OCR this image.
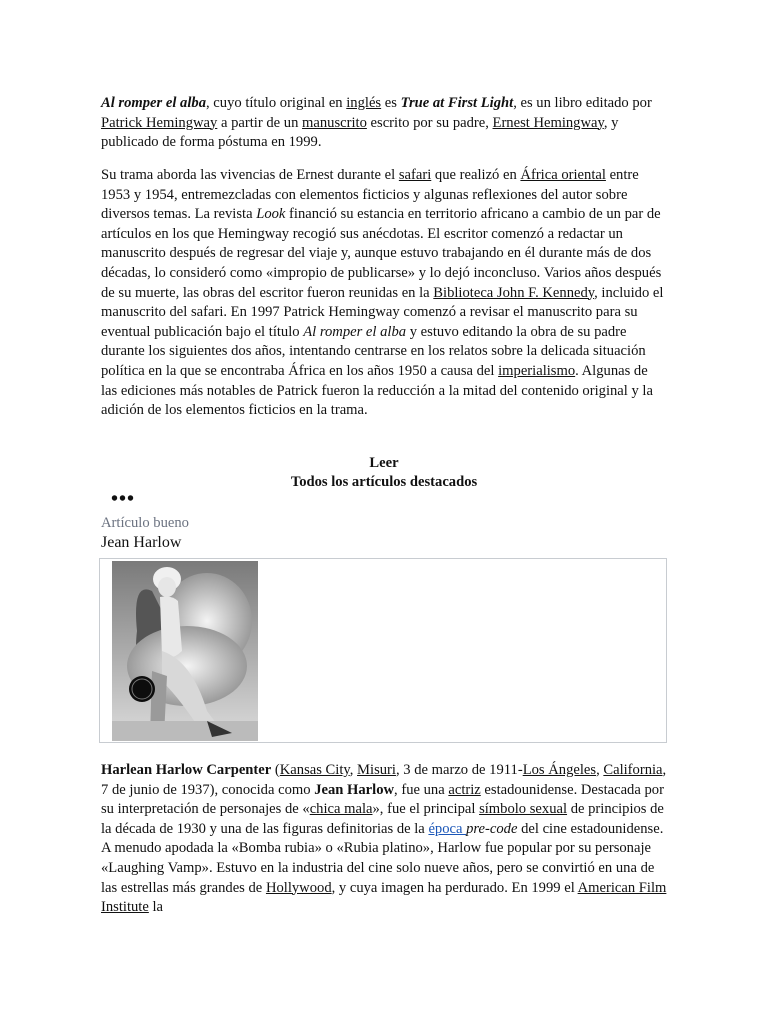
Al romper el alba, cuyo título original en inglés es True at First Light, es un libro editado por Patrick Hemingway a partir de un manuscrito escrito por su padre, Ernest Hemingway, y publicado de forma póstuma en 1999.

Su trama aborda las vivencias de Ernest durante el safari que realizó en África oriental entre 1953 y 1954, entremezcladas con elementos ficticios y algunas reflexiones del autor sobre diversos temas. La revista Look financió su estancia en territorio africano a cambio de un par de artículos en los que Hemingway recogió sus anécdotas. El escritor comenzó a redactar un manuscrito después de regresar del viaje y, aunque estuvo trabajando en él durante más de dos décadas, lo consideró como «impropio de publicarse» y lo dejó inconcluso. Varios años después de su muerte, las obras del escritor fueron reunidas en la Biblioteca John F. Kennedy, incluido el manuscrito del safari. En 1997 Patrick Hemingway comenzó a revisar el manuscrito para su eventual publicación bajo el título Al romper el alba y estuvo editando la obra de su padre durante los siguientes dos años, intentando centrarse en los relatos sobre la delicada situación política en la que se encontraba África en los años 1950 a causa del imperialismo. Algunas de las ediciones más notables de Patrick fueron la reducción a la mitad del contenido original y la adición de los elementos ficticios en la trama.

Leer
Todos los artículos destacados
•••
Artículo bueno
Jean Harlow

Harlean Harlow Carpenter (Kansas City, Misuri, 3 de marzo de 1911-Los Ángeles, California, 7 de junio de 1937), conocida como Jean Harlow, fue una actriz estadounidense. Destacada por su interpretación de personajes de «chica mala», fue el principal símbolo sexual de principios de la década de 1930 y una de las figuras definitorias de la época pre-code del cine estadounidense. A menudo apodada la «Bomba rubia» o «Rubia platino», Harlow fue popular por su personaje «Laughing Vamp». Estuvo en la industria del cine solo nueve años, pero se convirtió en una de las estrellas más grandes de Hollywood, y cuya imagen ha perdurado. En 1999 el American Film Institute la
